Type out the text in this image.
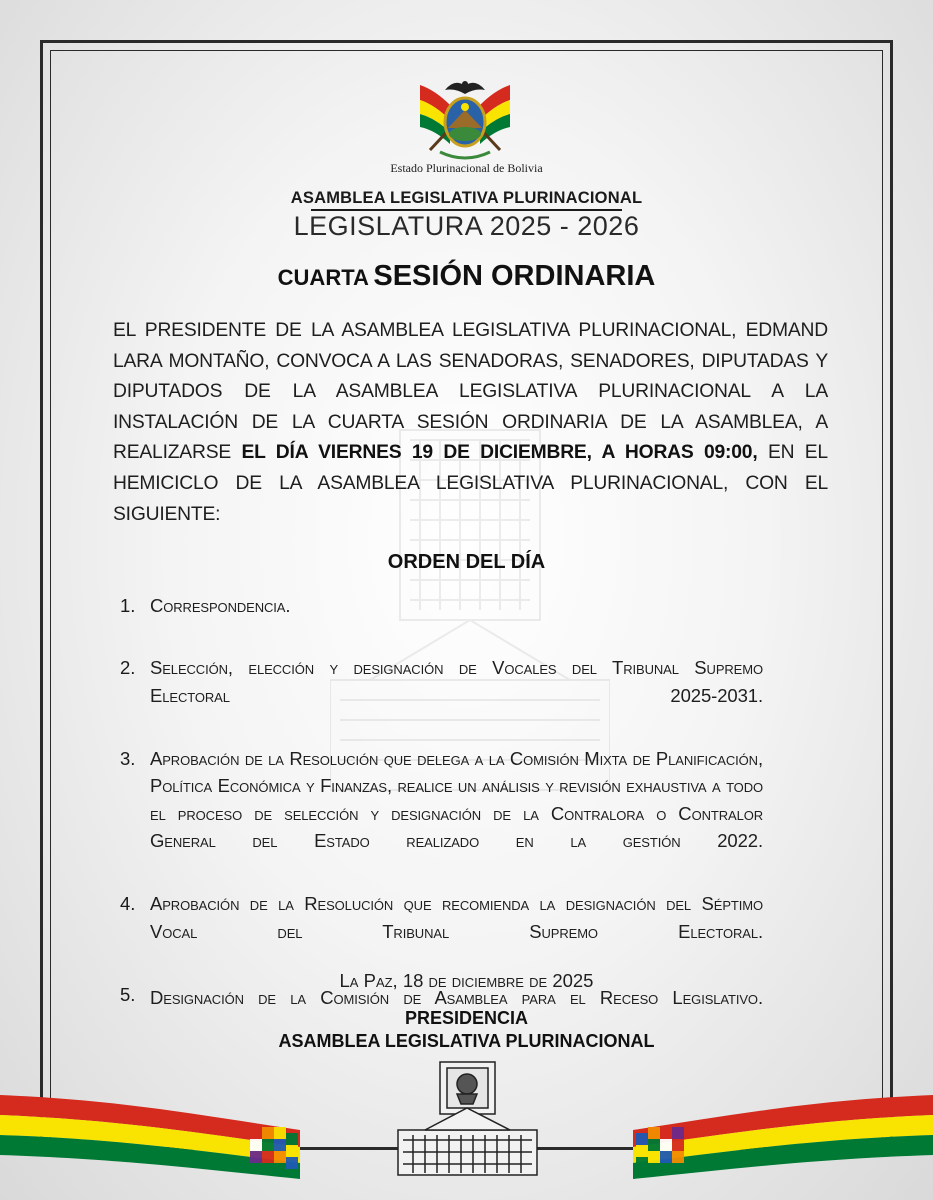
Estado Plurinacional de Bolivia
ASAMBLEA LEGISLATIVA PLURINACIONAL
LEGISLATURA 2025 - 2026
CUARTA SESIÓN ORDINARIA
EL PRESIDENTE DE LA ASAMBLEA LEGISLATIVA PLURINACIONAL, EDMAND LARA MONTAÑO, CONVOCA A LAS SENADORAS, SENADORES, DIPUTADAS Y DIPUTADOS DE LA ASAMBLEA LEGISLATIVA PLURINACIONAL A LA INSTALACIÓN DE LA CUARTA SESIÓN ORDINARIA DE LA ASAMBLEA, A REALIZARSE EL DÍA VIERNES 19 DE DICIEMBRE, A HORAS 09:00, EN EL HEMICICLO DE LA ASAMBLEA LEGISLATIVA PLURINACIONAL, CON EL SIGUIENTE:
ORDEN DEL DÍA
1. Correspondencia.
2. Selección, elección y designación de Vocales del Tribunal Supremo Electoral 2025-2031.
3. Aprobación de la Resolución que delega a la Comisión Mixta de Planificación, Política Económica y Finanzas, realice un análisis y revisión exhaustiva a todo el proceso de selección y designación de la Contralora o Contralor General del Estado realizado en la gestión 2022.
4. Aprobación de la Resolución que recomienda la designación del Séptimo Vocal del Tribunal Supremo Electoral.
5. Designación de la Comisión de Asamblea para el Receso Legislativo.
La Paz, 18 de diciembre de 2025
PRESIDENCIA
ASAMBLEA LEGISLATIVA PLURINACIONAL
